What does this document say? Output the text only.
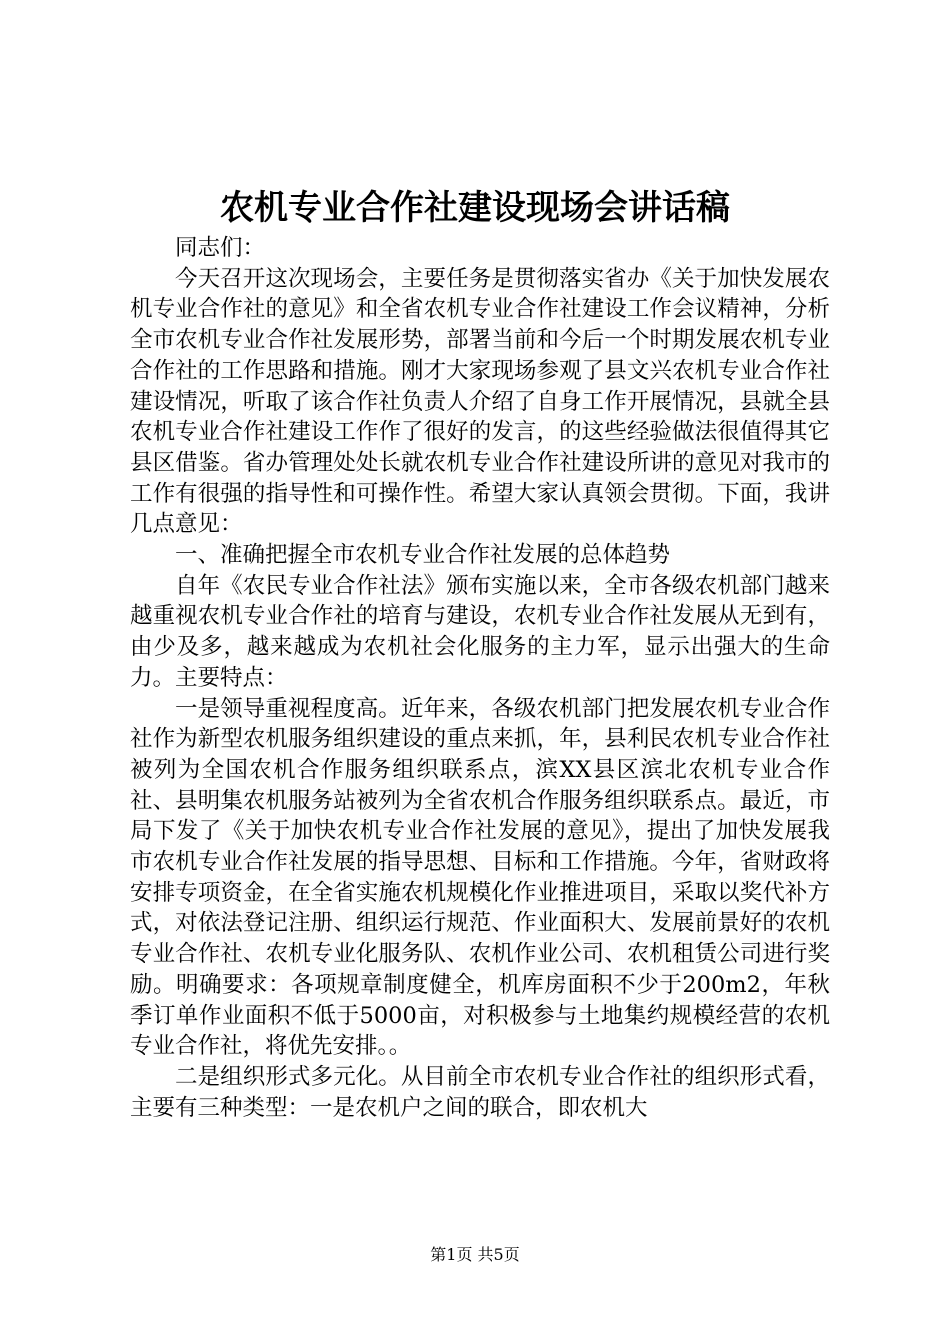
农机专业合作社建设现场会讲话稿

同志们：

今天召开这次现场会，主要任务是贯彻落实省办《关于加快发展农机专业合作社的意见》和全省农机专业合作社建设工作会议精神，分析全市农机专业合作社发展形势，部署当前和今后一个时期发展农机专业合作社的工作思路和措施。刚才大家现场参观了县文兴农机专业合作社建设情况，听取了该合作社负责人介绍了自身工作开展情况，县就全县农机专业合作社建设工作作了很好的发言，的这些经验做法很值得其它县区借鉴。省办管理处处长就农机专业合作社建设所讲的意见对我市的工作有很强的指导性和可操作性。希望大家认真领会贯彻。下面，我讲几点意见：

一、准确把握全市农机专业合作社发展的总体趋势

自年《农民专业合作社法》颁布实施以来，全市各级农机部门越来越重视农机专业合作社的培育与建设，农机专业合作社发展从无到有，由少及多，越来越成为农机社会化服务的主力军，显示出强大的生命力。主要特点：

一是领导重视程度高。近年来，各级农机部门把发展农机专业合作社作为新型农机服务组织建设的重点来抓，年，县利民农机专业合作社被列为全国农机合作服务组织联系点，滨XX县区滨北农机专业合作社、县明集农机服务站被列为全省农机合作服务组织联系点。最近，市局下发了《关于加快农机专业合作社发展的意见》，提出了加快发展我市农机专业合作社发展的指导思想、目标和工作措施。今年，省财政将安排专项资金，在全省实施农机规模化作业推进项目，采取以奖代补方式，对依法登记注册、组织运行规范、作业面积大、发展前景好的农机专业合作社、农机专业化服务队、农机作业公司、农机租赁公司进行奖励。明确要求：各项规章制度健全，机库房面积不少于200m2，年秋季订单作业面积不低于5000亩，对积极参与土地集约规模经营的农机专业合作社，将优先安排。。

二是组织形式多元化。从目前全市农机专业合作社的组织形式看，主要有三种类型：一是农机户之间的联合，即农机大

第1页 共5页
